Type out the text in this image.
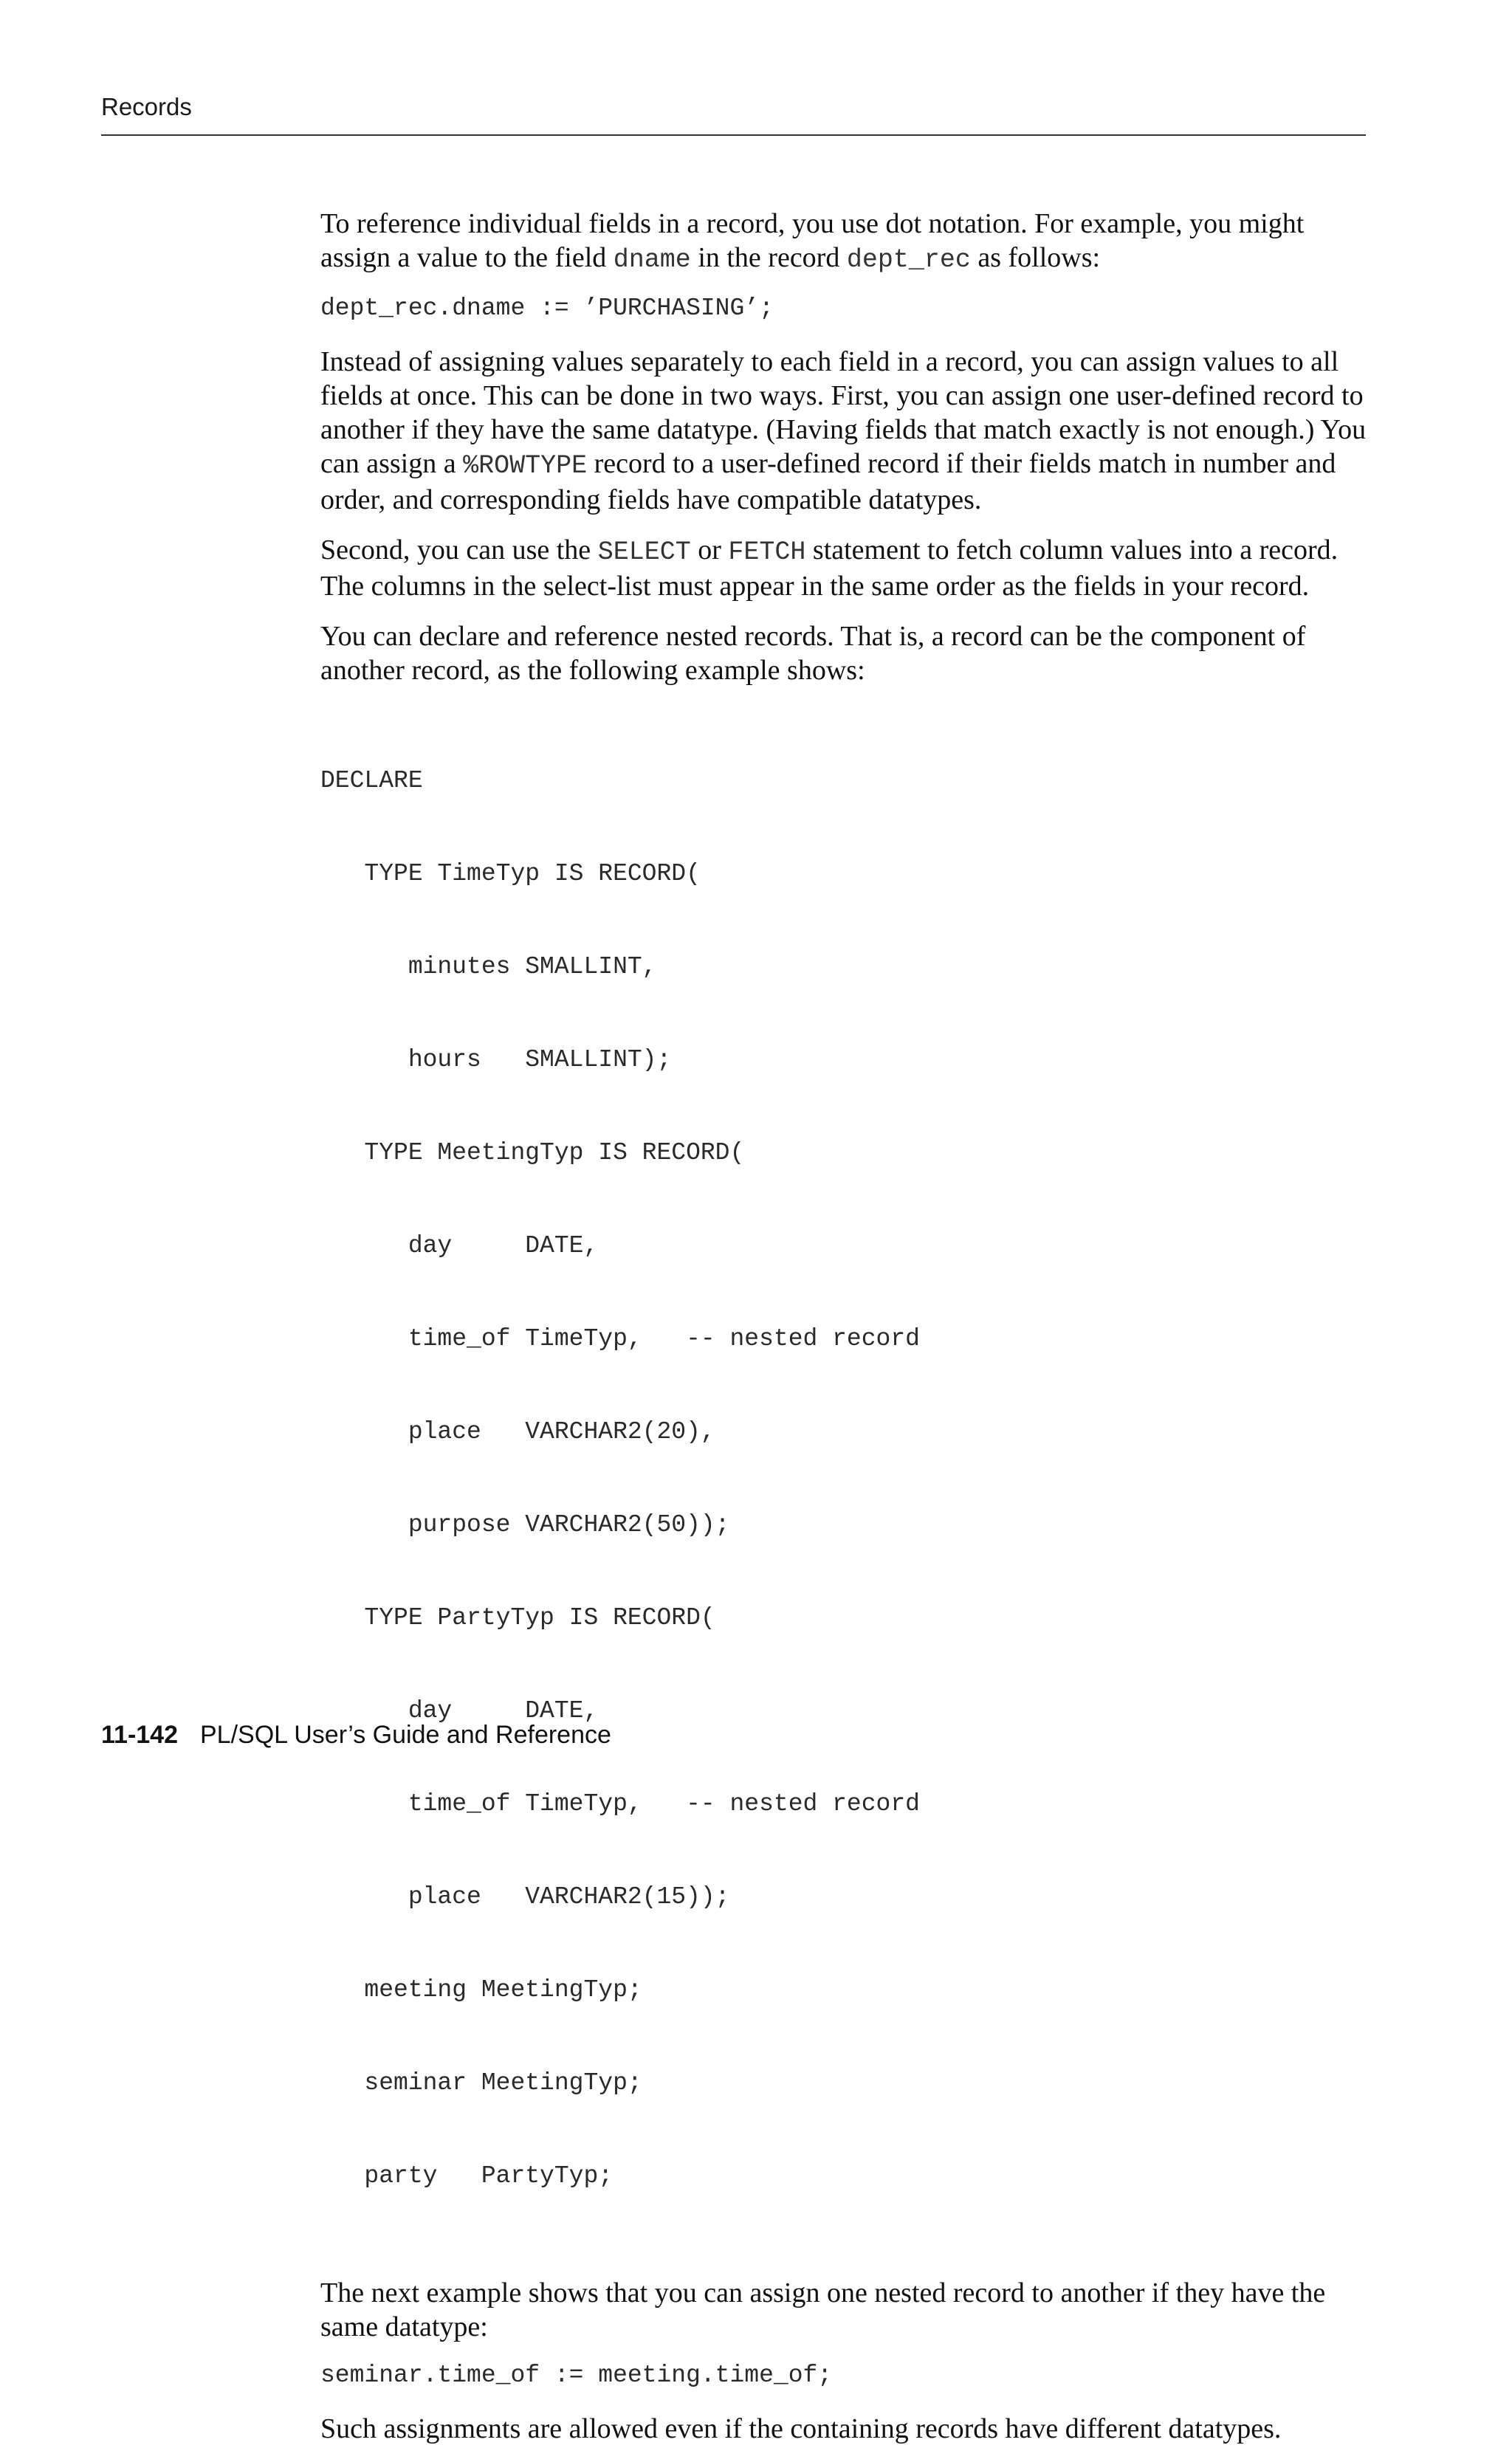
Records

To reference individual fields in a record, you use dot notation. For example, you might assign a value to the field dname in the record dept_rec as follows:

dept_rec.dname := ’PURCHASING’;

Instead of assigning values separately to each field in a record, you can assign values to all fields at once. This can be done in two ways. First, you can assign one user-defined record to another if they have the same datatype. (Having fields that match exactly is not enough.) You can assign a %ROWTYPE record to a user-defined record if their fields match in number and order, and corresponding fields have compatible datatypes.

Second, you can use the SELECT or FETCH statement to fetch column values into a record. The columns in the select-list must appear in the same order as the fields in your record.

You can declare and reference nested records. That is, a record can be the component of another record, as the following example shows:

DECLARE

TYPE TimeTyp IS RECORD(

minutes SMALLINT,

hours   SMALLINT);

TYPE MeetingTyp IS RECORD(

day     DATE,

time_of TimeTyp,   -- nested record

place   VARCHAR2(20),

purpose VARCHAR2(50));

TYPE PartyTyp IS RECORD(

day     DATE,

time_of TimeTyp,   -- nested record

place   VARCHAR2(15));

meeting MeetingTyp;

seminar MeetingTyp;

party   PartyTyp;

The next example shows that you can assign one nested record to another if they have the same datatype:

seminar.time_of := meeting.time_of;

Such assignments are allowed even if the containing records have different datatypes.

11-142 PL/SQL User’s Guide and Reference
